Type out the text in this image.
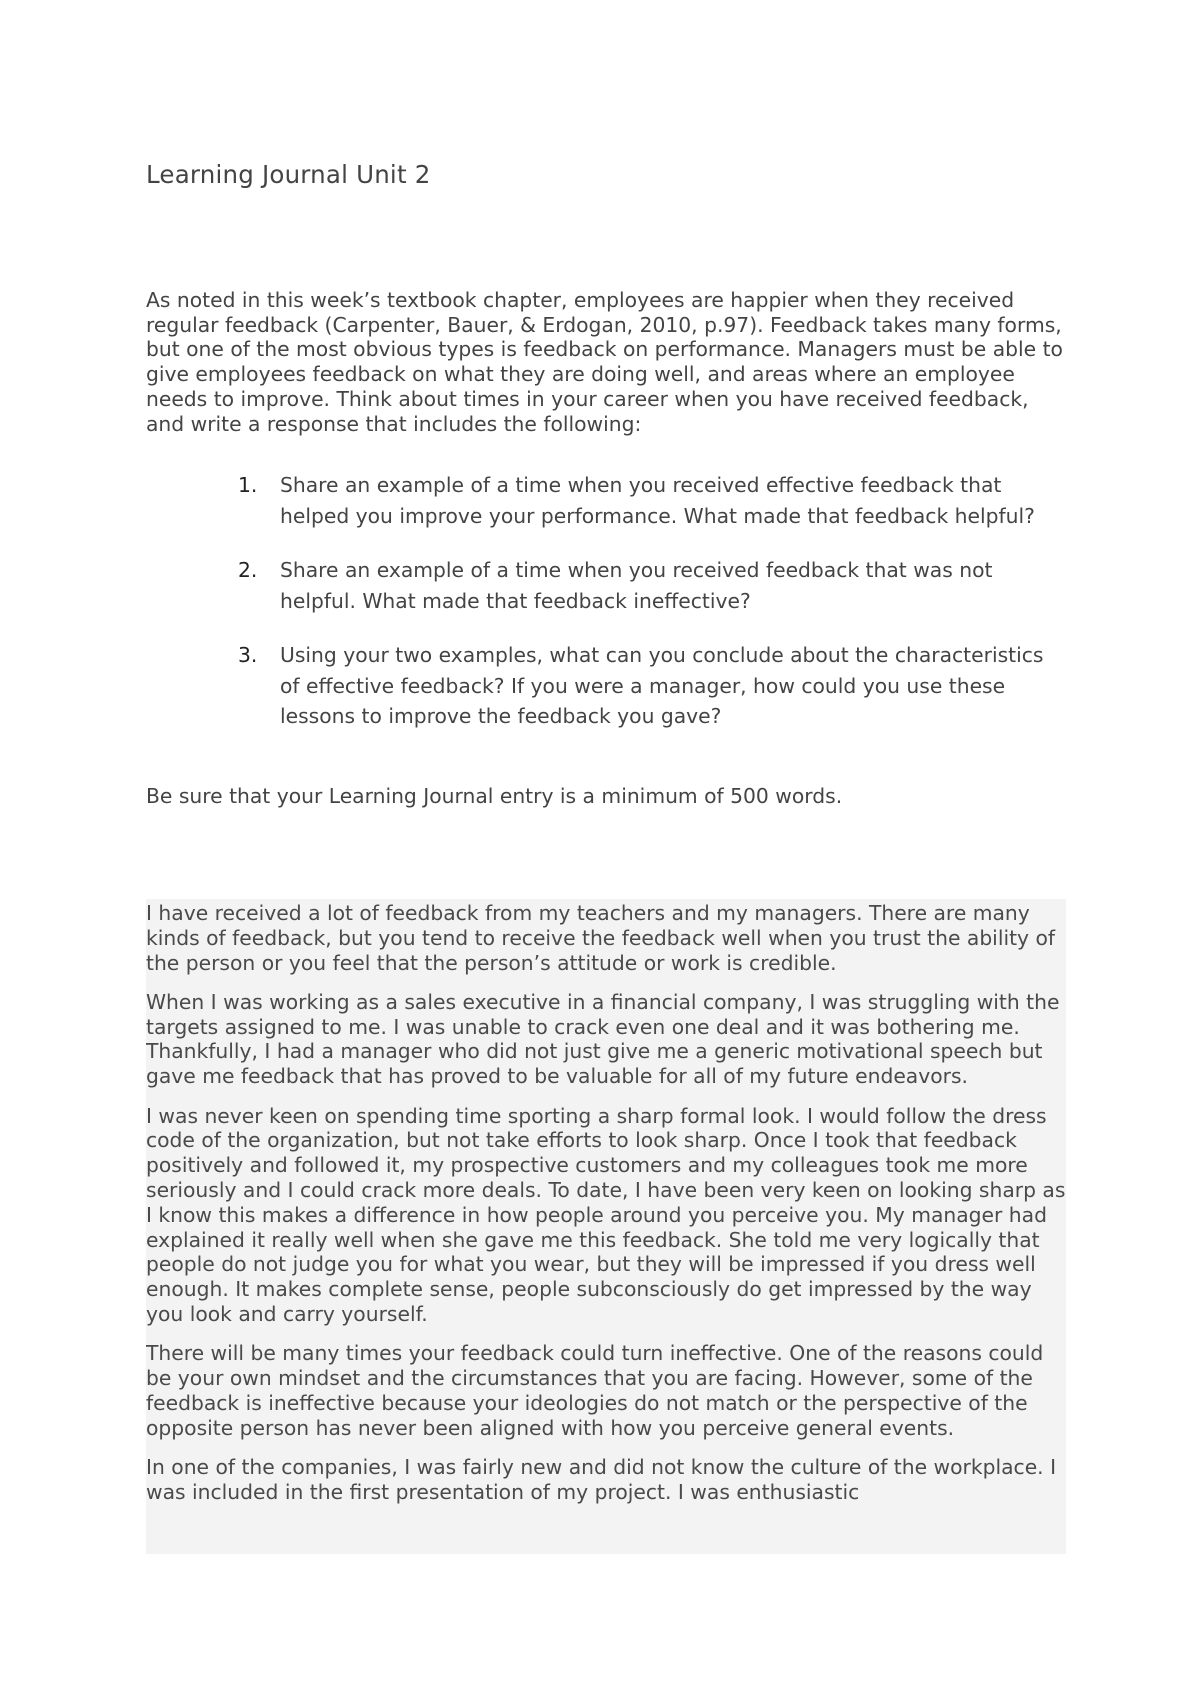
Learning Journal Unit 2

As noted in this week’s textbook chapter, employees are happier when they received regular feedback (Carpenter, Bauer, & Erdogan, 2010, p.97). Feedback takes many forms, but one of the most obvious types is feedback on performance. Managers must be able to give employees feedback on what they are doing well, and areas where an employee needs to improve. Think about times in your career when you have received feedback, and write a response that includes the following:

1.	Share an example of a time when you received effective feedback that helped you improve your performance. What made that feedback helpful?
2.	Share an example of a time when you received feedback that was not helpful. What made that feedback ineffective?
3.	Using your two examples, what can you conclude about the characteristics of effective feedback? If you were a manager, how could you use these lessons to improve the feedback you gave?
Be sure that your Learning Journal entry is a minimum of 500 words.

I have received a lot of feedback from my teachers and my managers. There are many kinds of feedback, but you tend to receive the feedback well when you trust the ability of the person or you feel that the person’s attitude or work is credible.

When I was working as a sales executive in a financial company, I was struggling with the targets assigned to me. I was unable to crack even one deal and it was bothering me. Thankfully, I had a manager who did not just give me a generic motivational speech but gave me feedback that has proved to be valuable for all of my future endeavors.

I was never keen on spending time sporting a sharp formal look. I would follow the dress code of the organization, but not take efforts to look sharp. Once I took that feedback positively and followed it, my prospective customers and my colleagues took me more seriously and I could crack more deals. To date, I have been very keen on looking sharp as I know this makes a difference in how people around you perceive you. My manager had explained it really well when she gave me this feedback. She told me very logically that people do not judge you for what you wear, but they will be impressed if you dress well enough. It makes complete sense, people subconsciously do get impressed by the way you look and carry yourself.

There will be many times your feedback could turn ineffective. One of the reasons could be your own mindset and the circumstances that you are facing. However, some of the feedback is ineffective because your ideologies do not match or the perspective of the opposite person has never been aligned with how you perceive general events.

In one of the companies, I was fairly new and did not know the culture of the workplace. I was included in the first presentation of my project. I was enthusiastic
